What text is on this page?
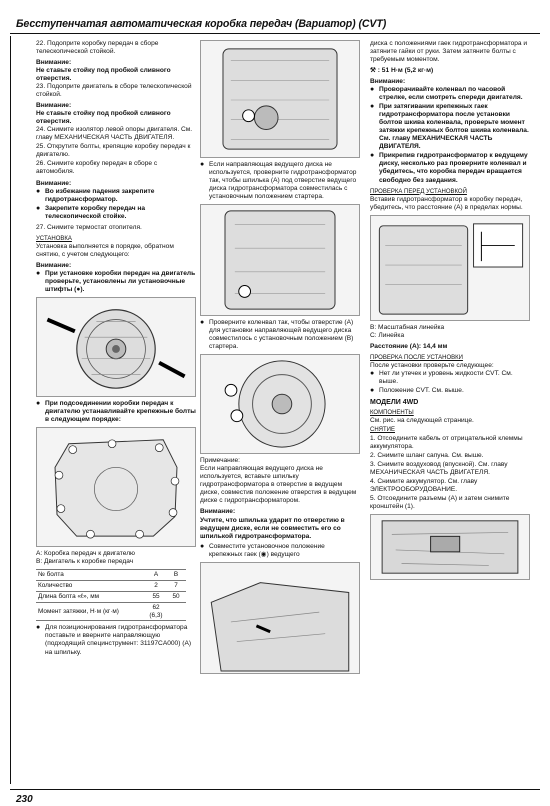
Бесступенчатая автоматическая коробка передач (Вариатор) (CVT)
22. Подоприте коробку передач в сборе телескопической стойкой.
Внимание:
Не ставьте стойку под пробкой сливного отверстия.
23. Подоприте двигатель в сборе телескопической стойкой.
Внимание:
Не ставьте стойку под пробкой сливного отверстия.
24. Снимите изолятор левой опоры двигателя. См. главу МЕХАНИЧЕСКАЯ ЧАСТЬ ДВИГАТЕЛЯ.
25. Открутите болты, крепящие коробку передач к двигателю.
26. Снимите коробку передач в сборе с автомобиля.
Внимание:
● Во избежание падения закрепите гидротрансформатор.
● Закрепите коробку передач на телескопической стойке.
27. Снимите термостат отопителя.
УСТАНОВКА
Установка выполняется в порядке, обратном снятию, с учетом следующего:
Внимание:
● При установке коробки передач на двигатель проверьте, установлены ли установочные штифты (●).
● При подсоединении коробки передач к двигателю устанавливайте крепежные болты в следующем порядке:
A: Коробка передач к двигателю
B: Двигатель к коробке передач
№ болта	A	B
Количество	2	7
Длина болта «ℓ», мм	55	50
Момент затяжки, Н·м (кг·м)	62 (6,3)	
● Для позиционирования гидротрансформатора поставьте и вверните направляющую (подходящий специнструмент: 31197CA000) (А) на шпильку.
● Если направляющая ведущего диска не используется, проверните гидротрансформатор так, чтобы шпилька (А) под отверстие ведущего диска гидротрансформатора совместилась с установочным положением стартера.
● Проверните коленвал так, чтобы отверстие (А) для установки направляющей ведущего диска совместилось с установочным положением (В) стартера.
Примечание:
Если направляющая ведущего диска не используется, вставьте шпильку гидротрансформатора в отверстие в ведущем диске, совместив положение отверстия в ведущем диске с гидротрансформатором.
Внимание:
Учтите, что шпилька ударит по отверстию в ведущем диске, если не совместить его со шпилькой гидротрансформатора.
● Совместите установочное положение крепежных гаек (◉) ведущего
диска с положениями гаек гидротрансформатора и затяните гайки от руки. Затем затяните болты с требуемым моментом.
⚒ : 51 Н·м (5,2 кг·м)
Внимание:
● Проворачивайте коленвал по часовой стрелке, если смотреть спереди двигателя.
● При затягивании крепежных гаек гидротрансформатора после установки болтов шкива коленвала, проверьте момент затяжки крепежных болтов шкива коленвала. См. главу МЕХАНИЧЕСКАЯ ЧАСТЬ ДВИГАТЕЛЯ.
● Прикрепив гидротрансформатор к ведущему диску, несколько раз проверните коленвал и убедитесь, что коробка передач вращается свободно без заедания.
ПРОВЕРКА ПЕРЕД УСТАНОВКОЙ
Вставив гидротрансформатор в коробку передач, убедитесь, что расстояние (А) в пределах нормы.
B: Масштабная линейка
C: Линейка
Расстояние (А): 14,4 мм
ПРОВЕРКА ПОСЛЕ УСТАНОВКИ
После установки проверьте следующее:
● Нет ли утечек и уровень жидкости CVT. См. выше.
● Положение CVT. См. выше.
МОДЕЛИ 4WD
КОМПОНЕНТЫ
См. рис. на следующей странице.
СНЯТИЕ
1. Отсоедините кабель от отрицательной клеммы аккумулятора.
2. Снимите шланг сапуна. См. выше.
3. Снимите воздуховод (впускной). См. главу МЕХАНИЧЕСКАЯ ЧАСТЬ ДВИГАТЕЛЯ.
4. Снимите аккумулятор. См. главу ЭЛЕКТРООБОРУДОВАНИЕ.
5. Отсоедините разъемы (А) и затем снимите кронштейн (1).
230
